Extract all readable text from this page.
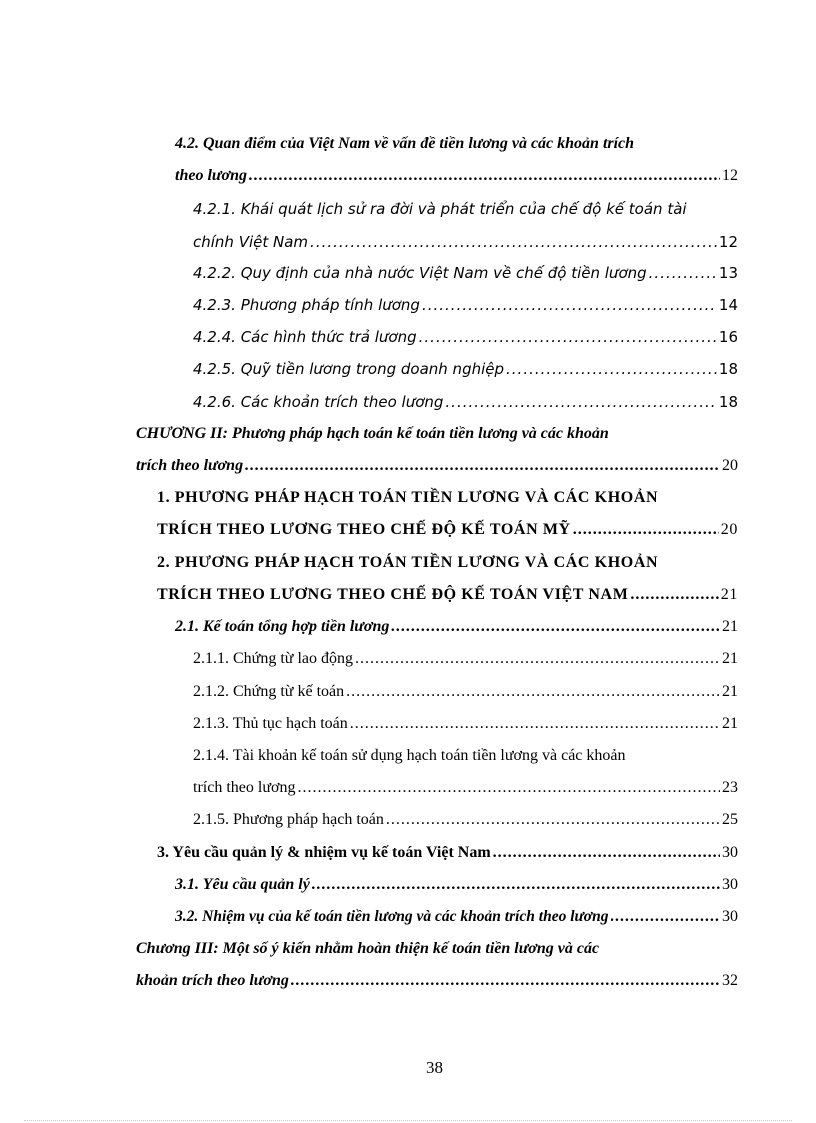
4.2. Quan điểm của Việt Nam về vấn đề tiền lương và các khoản trích
theo lương .....	12
4.2.1. Khái quát lịch sử ra đời và phát triển của chế độ kế toán tài
chính Việt Nam .....	12
4.2.2. Quy định của nhà nước Việt Nam về chế độ tiền lương .....	13
4.2.3. Phương pháp tính lương .....	14
4.2.4. Các hình thức trả lương .....	16
4.2.5. Quỹ tiền lương trong doanh nghiệp .....	18
4.2.6. Các khoản trích theo lương .....	18
CHƯƠNG II: Phương pháp hạch toán kế toán tiền lương và các khoản
trích theo lương .....	20
1. PHƯƠNG PHÁP HẠCH TOÁN TIỀN LƯƠNG VÀ CÁC KHOẢN
TRÍCH THEO LƯƠNG THEO CHẾ ĐỘ KẾ TOÁN MỸ .....	20
2. PHƯƠNG PHÁP HẠCH TOÁN TIỀN LƯƠNG VÀ CÁC KHOẢN
TRÍCH THEO LƯƠNG THEO CHẾ ĐỘ KẾ TOÁN VIỆT NAM .....	21
2.1. Kế toán tổng hợp tiền lương .....	21
2.1.1. Chứng từ lao động .....	21
2.1.2. Chứng từ kế toán .....	21
2.1.3. Thủ tục hạch toán .....	21
2.1.4. Tài khoản kế toán sử dụng hạch toán tiền lương và các khoản
trích theo lương .....	23
2.1.5. Phương pháp hạch toán .....	25
3. Yêu cầu quản lý & nhiệm vụ kế toán Việt Nam .....	30
3.1. Yêu cầu quản lý .....	30
3.2. Nhiệm vụ của kế toán tiền lương và các khoản trích theo lương .....	30
Chương III: Một số ý kiến nhằm hoàn thiện kế toán tiền lương và các
khoản trích theo lương .....	32
38
